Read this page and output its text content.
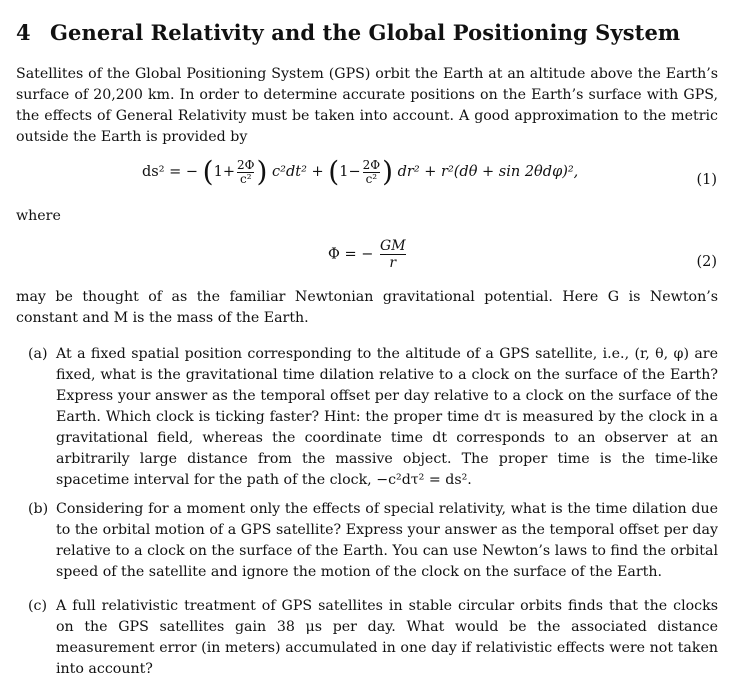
4 General Relativity and the Global Positioning System
Satellites of the Global Positioning System (GPS) orbit the Earth at an altitude above the Earth’s surface of 20,200 km. In order to determine accurate positions on the Earth’s surface with GPS, the effects of General Relativity must be taken into account. A good approximation to the metric outside the Earth is provided by
ds² = − ($1+ \frac{2\Phi}{\text{c²}}$ ) $c^2dt^2 + (1- \frac{2\Phi}{\text{c²}}$ ) dr² + r²(dθ + sin 2θdφ)²,	(1)
where
Φ = − $\frac{GM}{r}$	(2)
may be thought of as the familiar Newtonian gravitational potential. Here G is Newton’s constant and M is the mass of the Earth.
(a) At a fixed spatial position corresponding to the altitude of a GPS satellite, i.e., (r, θ, φ) are fixed, what is the gravitational time dilation relative to a clock on the surface of the Earth? Express your answer as the temporal offset per day relative to a clock on the surface of the Earth. Which clock is ticking faster? Hint: the proper time dτ is measured by the clock in a gravitational field, whereas the coordinate time dt corresponds to an observer at an arbitrarily large distance from the massive object. The proper time is the time-like spacetime interval for the path of the clock, −c²dτ² = ds².
(b) Considering for a moment only the effects of special relativity, what is the time dilation due to the orbital motion of a GPS satellite? Express your answer as the temporal offset per day relative to a clock on the surface of the Earth. You can use Newton’s laws to find the orbital speed of the satellite and ignore the motion of the clock on the surface of the Earth.
(c) A full relativistic treatment of GPS satellites in stable circular orbits finds that the clocks on the GPS satellites gain 38 μs per day. What would be the associated distance measurement error (in meters) accumulated in one day if relativistic effects were not taken into account?
